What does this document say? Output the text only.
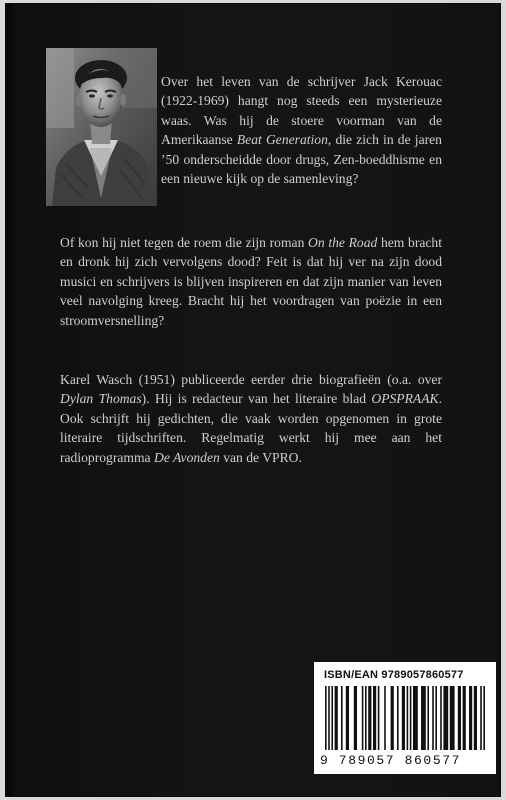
Over het leven van de schrijver Jack Kerouac (1922-1969) hangt nog steeds een mysterieuze waas. Was hij de stoere voorman van de Amerikaanse Beat Generation, die zich in de jaren ’50 onderscheidde door drugs, Zen-boeddhisme en een nieuwe kijk op de samenleving?

Of kon hij niet tegen de roem die zijn roman On the Road hem bracht en dronk hij zich vervolgens dood? Feit is dat hij ver na zijn dood musici en schrijvers is blijven inspireren en dat zijn manier van leven veel navolging kreeg. Bracht hij het voordragen van poëzie in een stroomversnelling?

Karel Wasch (1951) publiceerde eerder drie biografieën (o.a. over Dylan Thomas). Hij is redacteur van het literaire blad OPSPRAAK. Ook schrijft hij gedichten, die vaak worden opgenomen in grote literaire tijdschriften. Regelmatig werkt hij mee aan het radioprogramma De Avonden van de VPRO.

ISBN/EAN 9789057860577
9 789057 860577
